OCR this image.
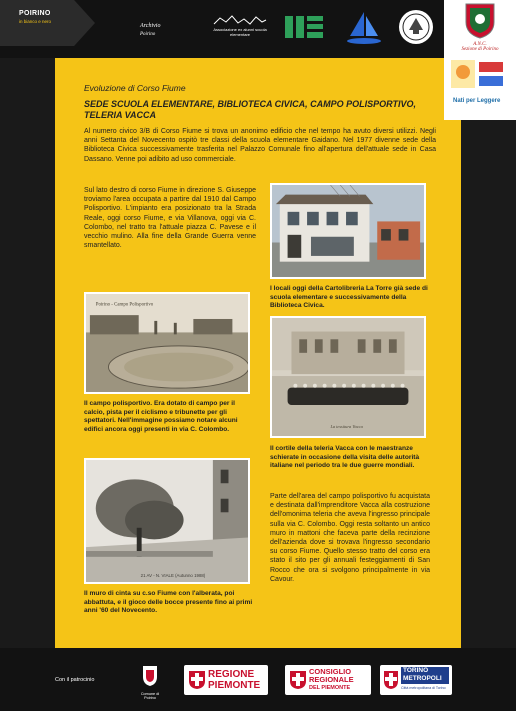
POIRINO
in bianco e nero
Archivio
Poirino
Associazione ex alunni scuola elementare
A.N.C.
Sezione di Poirino
Nati per Leggere
Evoluzione di Corso Fiume
SEDE SCUOLA ELEMENTARE, BIBLIOTECA CIVICA, CAMPO POLISPORTIVO, TELERIA VACCA
Al numero civico 3/B di Corso Fiume si trova un anonimo edificio che nel tempo ha avuto diversi utilizzi. Negli anni Settanta del Novecento ospitò tre classi della scuola elementare Gaidano. Nel 1977 divenne sede della Biblioteca Civica successivamente trasferita nel Palazzo Comunale fino all'apertura dell'attuale sede in Casa Dassano. Venne poi adibito ad uso commerciale.
Sul lato destro di corso Fiume in direzione S. Giuseppe troviamo l'area occupata a partire dal 1910 dal Campo Polisportivo. L'impianto era posizionato tra la Strada Reale, oggi corso Fiume, e via Villanova, oggi via C. Colombo, nel tratto tra l'attuale piazza C. Pavese e il vecchio mulino. Alla fine della Grande Guerra venne smantellato.
I locali oggi della Cartolibreria La Torre già sede di scuola elementare e successivamente della Biblioteca Civica.
Poirino - Campo Polisportivo
Il campo polisportivo. Era dotato di campo per il calcio, pista per il ciclismo e tribunette per gli spettatori. Nell'immagine possiamo notare alcuni edifici ancora oggi presenti in via C. Colombo.	La tessitura Vacca
Il cortile della teleria Vacca con le maestranze schierate in occasione della visita delle autorità italiane nel periodo tra le due guerre mondiali.
21 AV - N. VIALE (Autunno 1988)
Il muro di cinta su c.so Fiume con l'alberata, poi abbattuta, e il gioco delle bocce presente fino ai primi anni '60 del Novecento.
Parte dell'area del campo polisportivo fu acquistata e destinata dall'imprenditore Vacca alla costruzione dell'omonima teleria che aveva l'ingresso principale sulla via C. Colombo. Oggi resta soltanto un antico muro in mattoni che faceva parte della recinzione dell'azienda dove si trovava l'ingresso secondario su corso Fiume. Quello stesso tratto del corso era stato il sito per gli annuali festeggiamenti di San Rocco che ora si svolgono principalmente in via Cavour.
Con il patrocinio
Comune di Poirino
REGIONE PIEMONTE
CONSIGLIO
REGIONALE
DEL PIEMONTE
TORINO
METROPOLI
Città metropolitana di Torino
